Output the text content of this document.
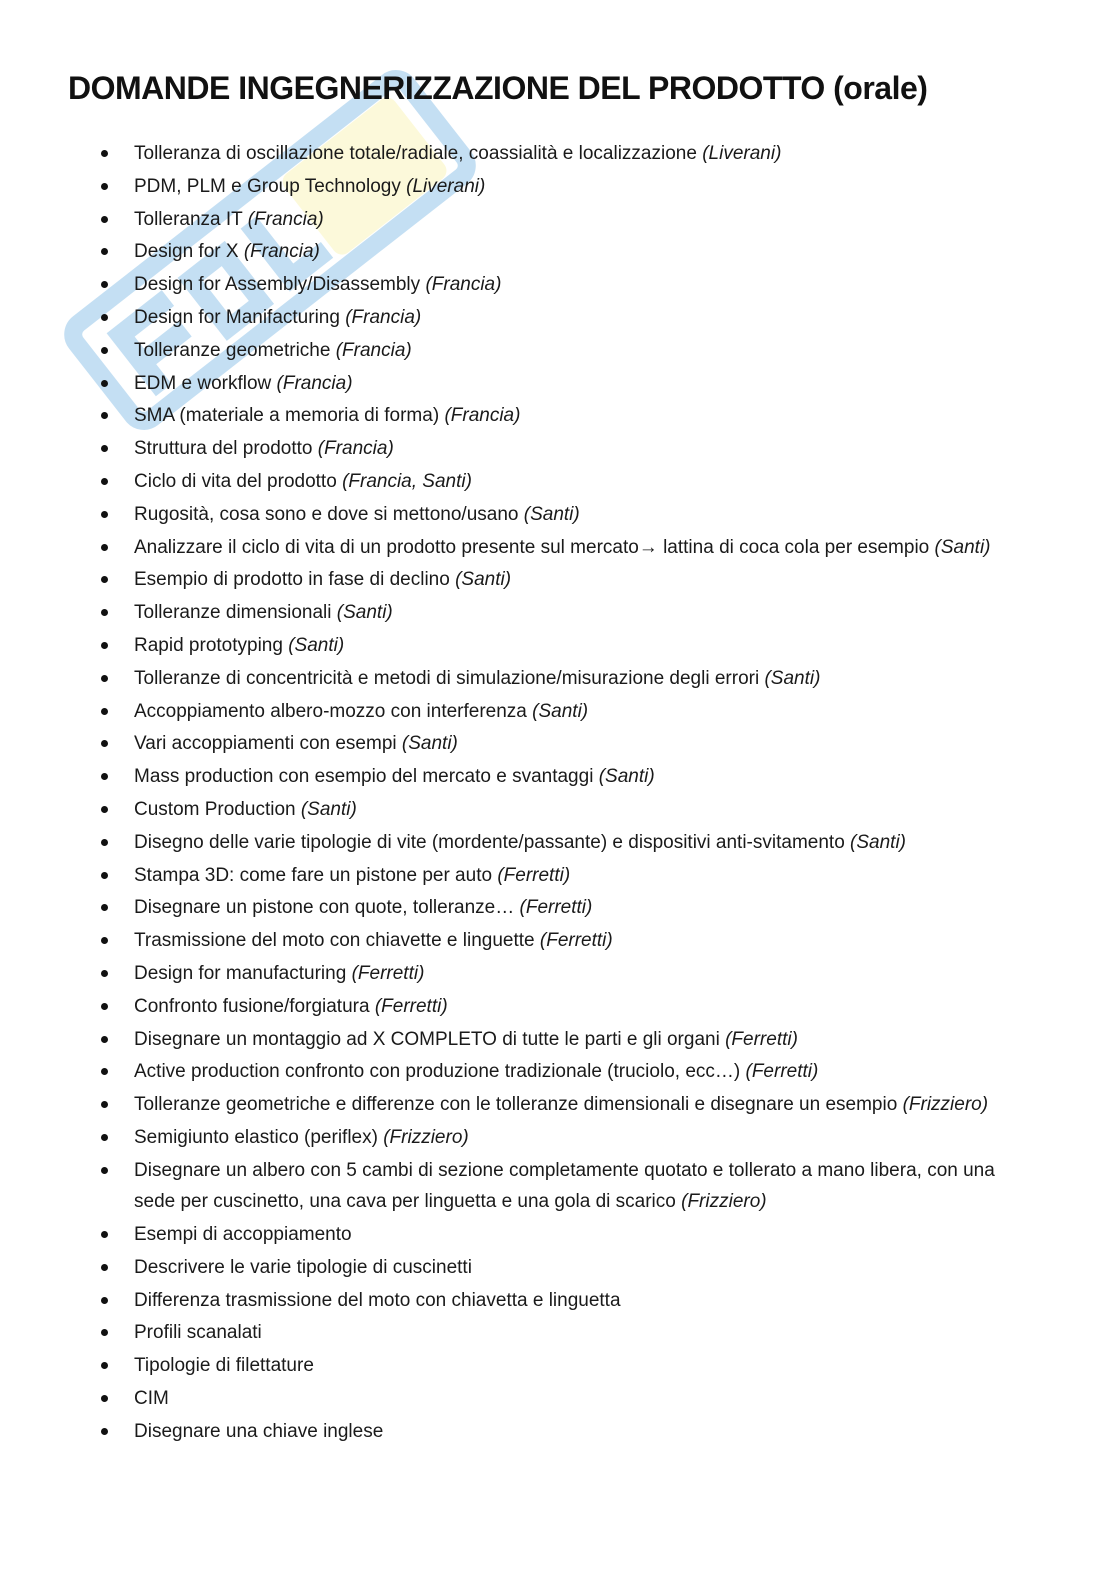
DOMANDE INGEGNERIZZAZIONE DEL PRODOTTO (orale)
Tolleranza di oscillazione totale/radiale, coassialità e localizzazione (Liverani)
PDM, PLM e Group Technology (Liverani)
Tolleranza IT (Francia)
Design for X (Francia)
Design for Assembly/Disassembly (Francia)
Design for Manifacturing (Francia)
Tolleranze geometriche (Francia)
EDM e workflow (Francia)
SMA (materiale a memoria di forma) (Francia)
Struttura del prodotto (Francia)
Ciclo di vita del prodotto (Francia, Santi)
Rugosità, cosa sono e dove si mettono/usano (Santi)
Analizzare il ciclo di vita di un prodotto presente sul mercato→ lattina di coca cola per esempio (Santi)
Esempio di prodotto in fase di declino (Santi)
Tolleranze dimensionali (Santi)
Rapid prototyping (Santi)
Tolleranze di concentricità e metodi di simulazione/misurazione degli errori (Santi)
Accoppiamento albero-mozzo con interferenza (Santi)
Vari accoppiamenti con esempi (Santi)
Mass production con esempio del mercato e svantaggi (Santi)
Custom Production (Santi)
Disegno delle varie tipologie di vite (mordente/passante) e dispositivi anti-svitamento (Santi)
Stampa 3D: come fare un pistone per auto (Ferretti)
Disegnare un pistone con quote, tolleranze… (Ferretti)
Trasmissione del moto con chiavette e linguette (Ferretti)
Design for manufacturing (Ferretti)
Confronto fusione/forgiatura (Ferretti)
Disegnare un montaggio ad X COMPLETO di tutte le parti e gli organi (Ferretti)
Active production confronto con produzione tradizionale (truciolo, ecc…) (Ferretti)
Tolleranze geometriche e differenze con le tolleranze dimensionali e disegnare un esempio (Frizziero)
Semigiunto elastico (periflex) (Frizziero)
Disegnare un albero con 5 cambi di sezione completamente quotato e tollerato a mano libera, con una sede per cuscinetto, una cava per linguetta e una gola di scarico (Frizziero)
Esempi di accoppiamento
Descrivere le varie tipologie di cuscinetti
Differenza trasmissione del moto con chiavetta e linguetta
Profili scanalati
Tipologie di filettature
CIM
Disegnare una chiave inglese
